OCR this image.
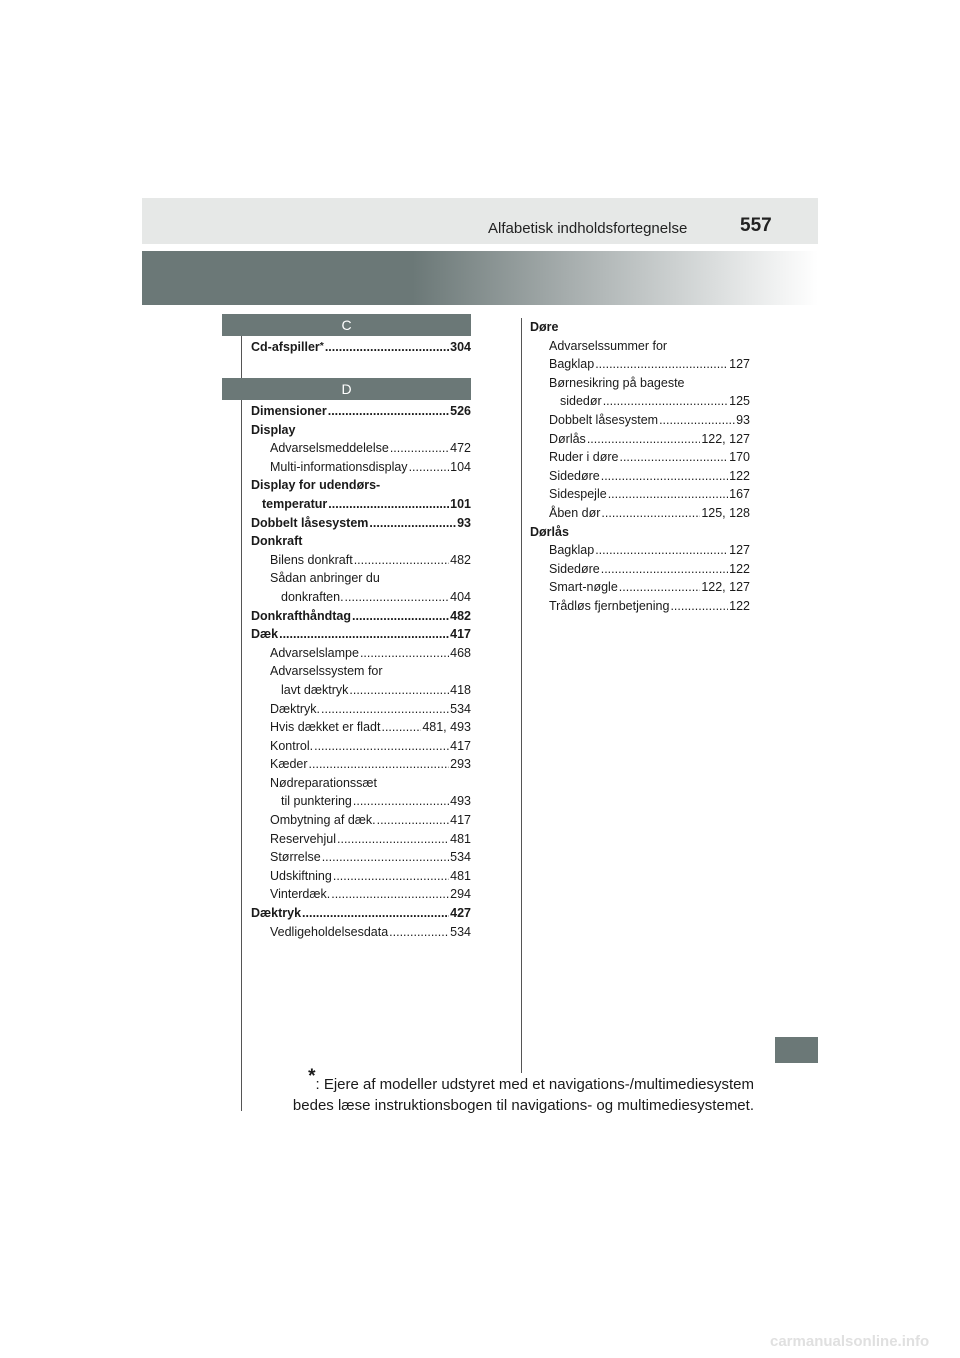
Alfabetisk indholdsfortegnelse	557
C
Cd-afspiller * .....	304
D
Dimensioner .....	526
Display
Advarselsmeddelelse .....	472
Multi-informationsdisplay .....	104
Display for udendørs-
temperatur .....	101
Dobbelt låsesystem .....	93
Donkraft
Bilens donkraft .....	482
Sådan anbringer du
donkraften. .....	404
Donkrafthåndtag .....	482
Dæk .....	417
Advarselslampe .....	468
Advarselssystem for
lavt dæktryk .....	418
Dæktryk. .....	534
Hvis dækket er fladt .....	481, 493
Kontrol. .....	417
Kæder .....	293
Nødreparationssæt
til punktering .....	493
Ombytning af dæk. .....	417
Reservehjul .....	481
Størrelse .....	534
Udskiftning .....	481
Vinterdæk. .....	294
Dæktryk .....	427
Vedligeholdelsesdata .....	534
Døre
Advarselssummer for
Bagklap .....	127
Børnesikring på bageste
sidedør .....	125
Dobbelt låsesystem .....	93
Dørlås .....	122, 127
Ruder i døre .....	170
Sidedøre .....	122
Sidespejle .....	167
Åben dør .....	125, 128
Dørlås
Bagklap .....	127
Sidedøre .....	122
Smart-nøgle .....	122, 127
Trådløs fjernbetjening .....	122
*: Ejere af modeller udstyret med et navigations-/multimediesystem
bedes læse instruktionsbogen til navigations- og multimediesystemet.
carmanualsonline.info
